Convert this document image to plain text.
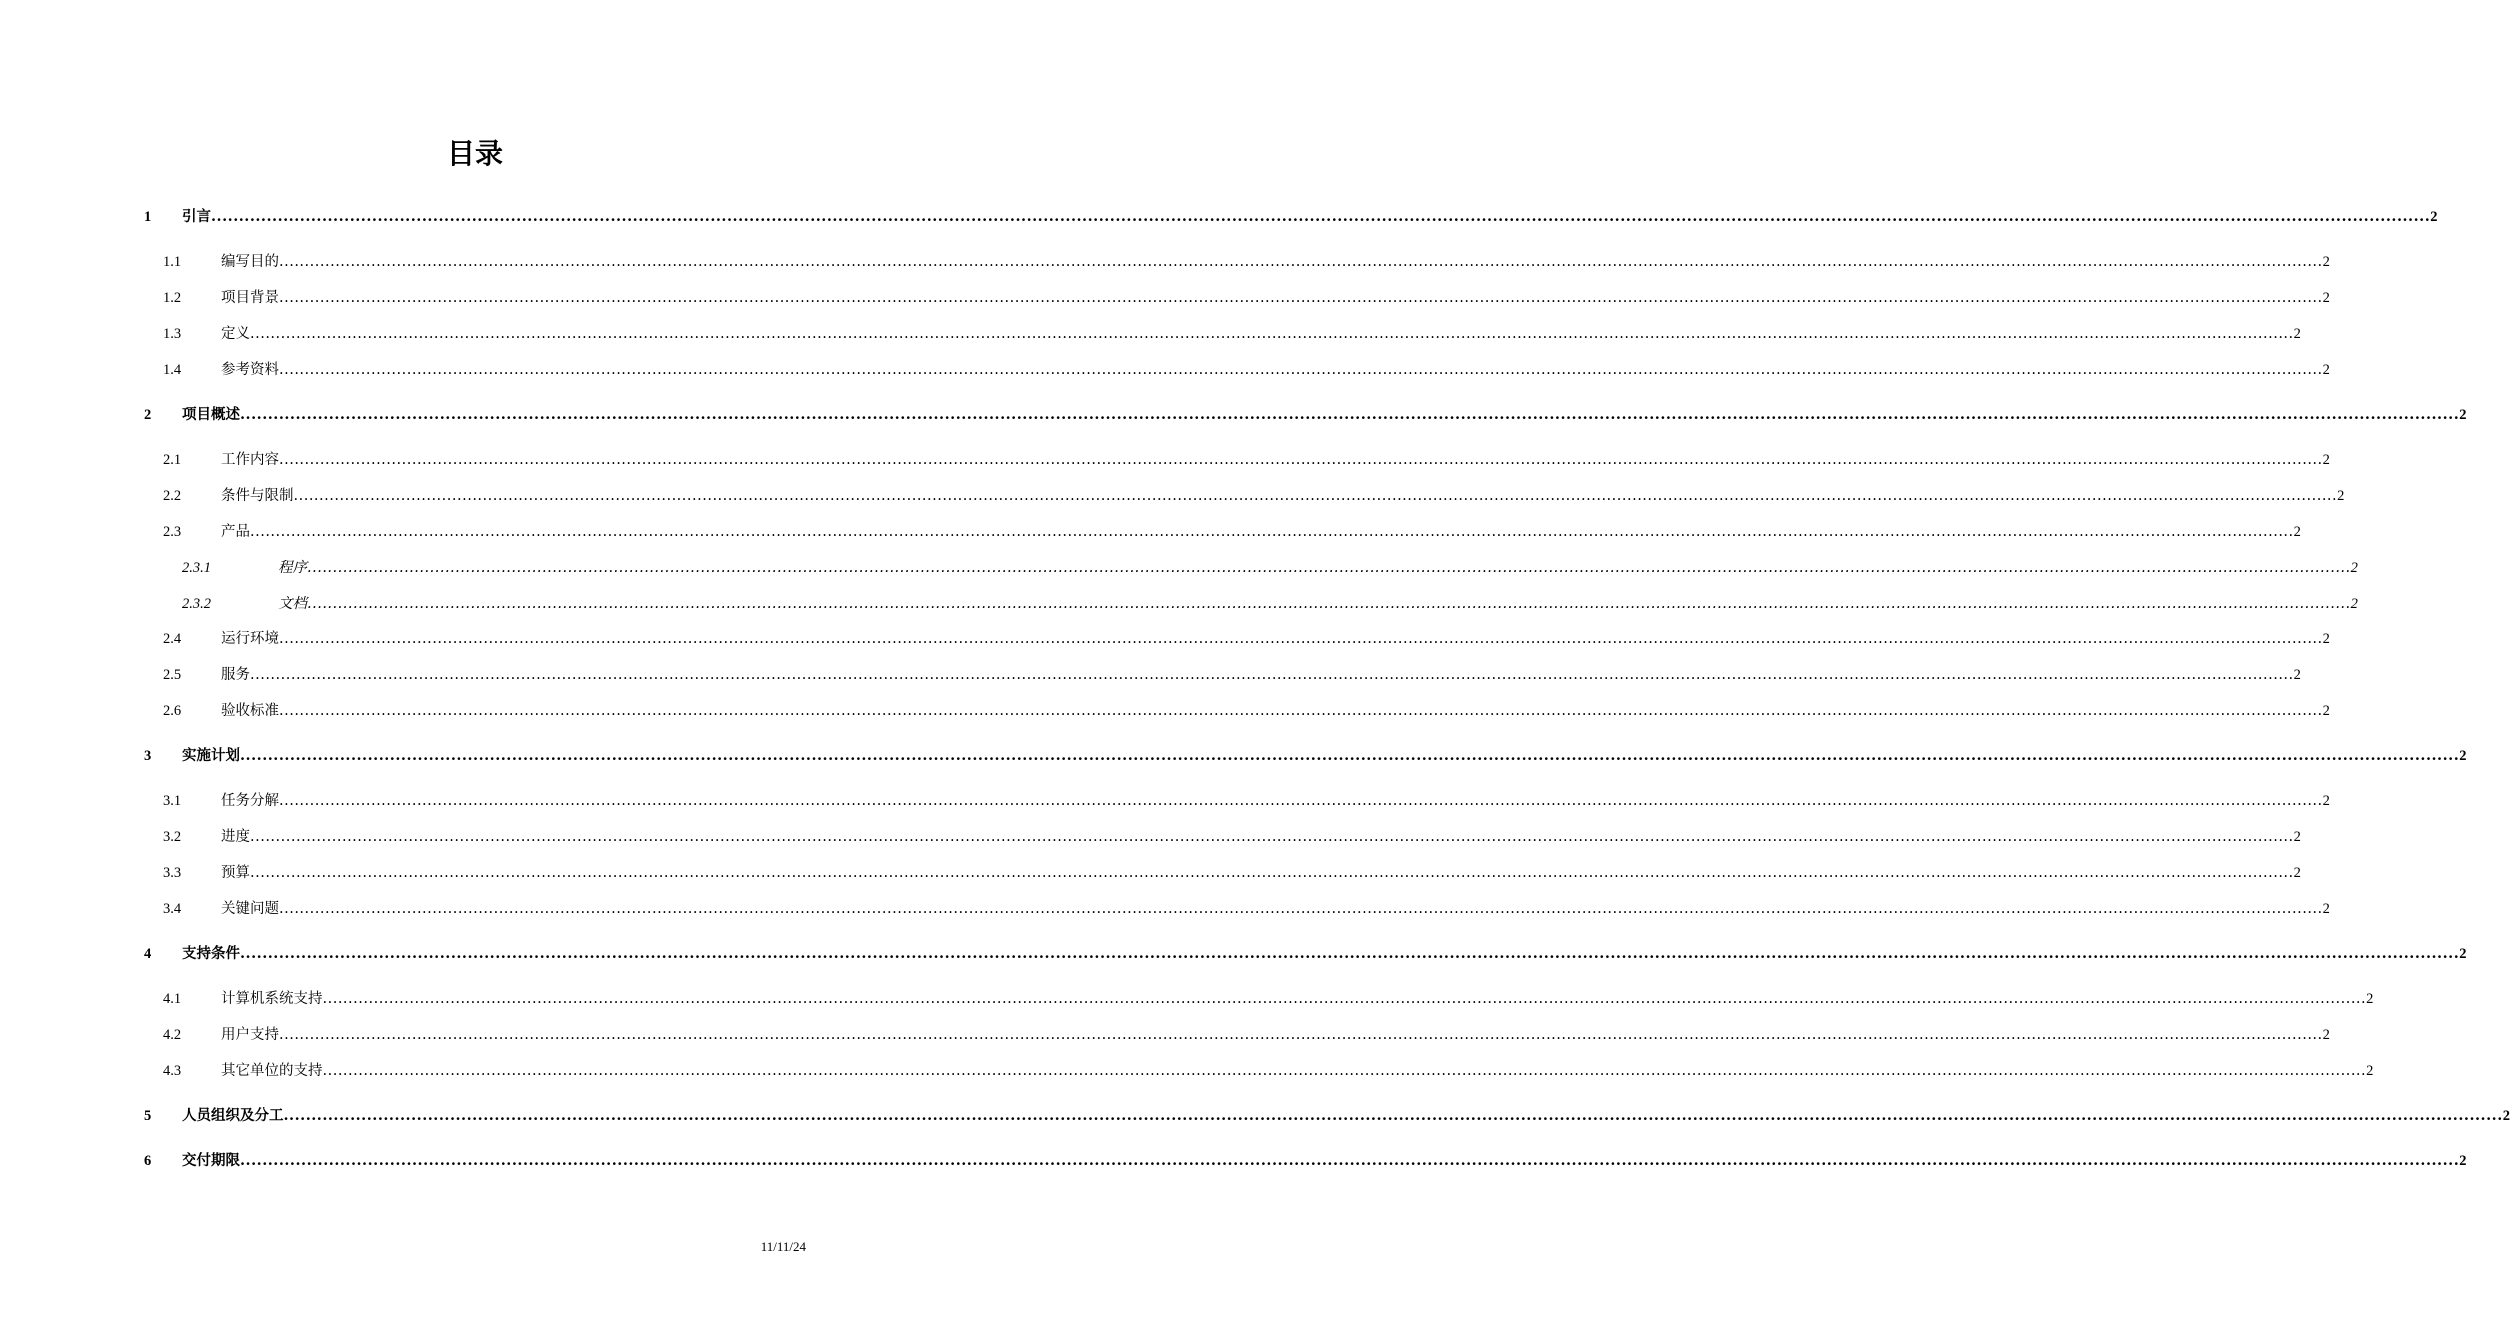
目录
1	引言 ................................................................................................................................................................................................................................................................................................................................................................................................................ 2
1.1	编写目的 ................................................................................................................................................................................................................................................................................................................................................................................................................ 2
1.2	项目背景 ................................................................................................................................................................................................................................................................................................................................................................................................................ 2
1.3	定义 ................................................................................................................................................................................................................................................................................................................................................................................................................ 2
1.4	参考资料 ................................................................................................................................................................................................................................................................................................................................................................................................................ 2
2	项目概述 ................................................................................................................................................................................................................................................................................................................................................................................................................ 2
2.1	工作内容 ................................................................................................................................................................................................................................................................................................................................................................................................................ 2
2.2	条件与限制 ................................................................................................................................................................................................................................................................................................................................................................................................................ 2
2.3	产品 ................................................................................................................................................................................................................................................................................................................................................................................................................ 2
2.3.1	程序 ................................................................................................................................................................................................................................................................................................................................................................................................................ 2
2.3.2	文档 ................................................................................................................................................................................................................................................................................................................................................................................................................ 2
2.4	运行环境 ................................................................................................................................................................................................................................................................................................................................................................................................................ 2
2.5	服务 ................................................................................................................................................................................................................................................................................................................................................................................................................ 2
2.6	验收标准 ................................................................................................................................................................................................................................................................................................................................................................................................................ 2
3	实施计划 ................................................................................................................................................................................................................................................................................................................................................................................................................ 2
3.1	任务分解 ................................................................................................................................................................................................................................................................................................................................................................................................................ 2
3.2	进度 ................................................................................................................................................................................................................................................................................................................................................................................................................ 2
3.3	预算 ................................................................................................................................................................................................................................................................................................................................................................................................................ 2
3.4	关键问题 ................................................................................................................................................................................................................................................................................................................................................................................................................ 2
4	支持条件 ................................................................................................................................................................................................................................................................................................................................................................................................................ 2
4.1	计算机系统支持 ................................................................................................................................................................................................................................................................................................................................................................................................................ 2
4.2	用户支持 ................................................................................................................................................................................................................................................................................................................................................................................................................ 2
4.3	其它单位的支持 ................................................................................................................................................................................................................................................................................................................................................................................................................ 2
5	人员组织及分工 ................................................................................................................................................................................................................................................................................................................................................................................................................ 2
6	交付期限 ................................................................................................................................................................................................................................................................................................................................................................................................................ 2
11/11/24
